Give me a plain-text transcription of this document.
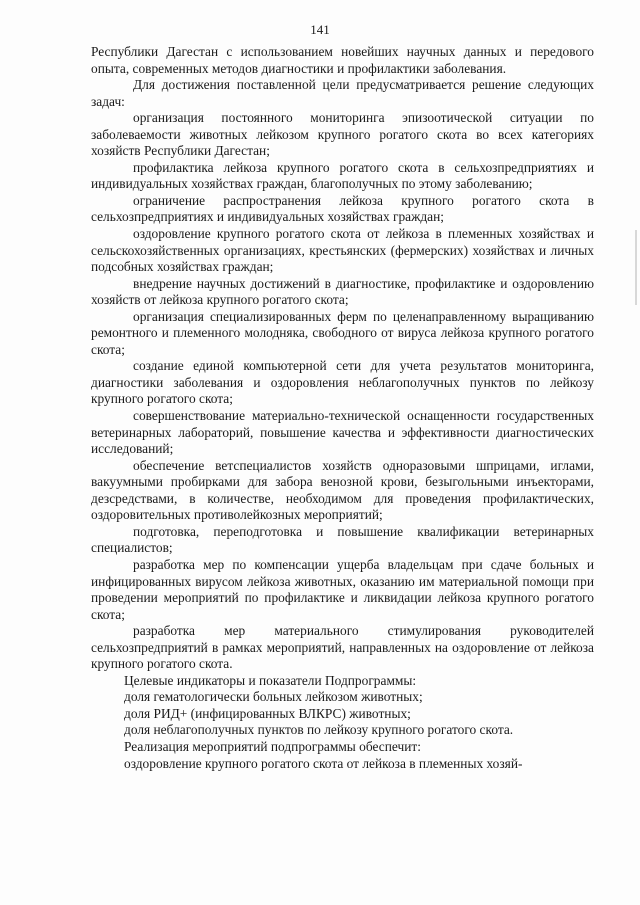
141

Республики Дагестан с использованием новейших научных данных и передового опыта, современных методов диагностики и профилактики заболевания.

Для достижения поставленной цели предусматривается решение следующих задач:

организация постоянного мониторинга эпизоотической ситуации по заболеваемости животных лейкозом крупного рогатого скота во всех категориях хозяйств Республики Дагестан;

профилактика лейкоза крупного рогатого скота в сельхозпредприятиях и индивидуальных хозяйствах граждан, благополучных по этому заболеванию;

ограничение распространения лейкоза крупного рогатого скота в сельхозпредприятиях и индивидуальных хозяйствах граждан;

оздоровление крупного рогатого скота от лейкоза в племенных хозяйствах и сельскохозяйственных организациях, крестьянских (фермерских) хозяйствах и личных подсобных хозяйствах граждан;

внедрение научных достижений в диагностике, профилактике и оздоровлению хозяйств от лейкоза крупного рогатого скота;

организация специализированных ферм по целенаправленному выращиванию ремонтного и племенного молодняка, свободного от вируса лейкоза крупного рогатого скота;

создание единой компьютерной сети для учета результатов мониторинга, диагностики заболевания и оздоровления неблагополучных пунктов по лейкозу крупного рогатого скота;

совершенствование материально-технической оснащенности государственных ветеринарных лабораторий, повышение качества и эффективности диагностических исследований;

обеспечение ветспециалистов хозяйств одноразовыми шприцами, иглами, вакуумными пробирками для забора венозной крови, безыгольными инъекторами, дезсредствами, в количестве, необходимом для проведения профилактических, оздоровительных противолейкозных мероприятий;

подготовка, переподготовка и повышение квалификации ветеринарных специалистов;

разработка мер по компенсации ущерба владельцам при сдаче больных и инфицированных вирусом лейкоза животных, оказанию им материальной помощи при проведении мероприятий по профилактике и ликвидации лейкоза крупного рогатого скота;

разработка мер материального стимулирования руководителей сельхозпредприятий в рамках мероприятий, направленных на оздоровление от лейкоза крупного рогатого скота.

Целевые индикаторы и показатели Подпрограммы:

доля гематологически больных лейкозом животных;

доля РИД+ (инфицированных ВЛКРС) животных;

доля неблагополучных пунктов по лейкозу крупного рогатого скота.

Реализация мероприятий подпрограммы обеспечит:

оздоровление крупного рогатого скота от лейкоза в племенных хозяй-
